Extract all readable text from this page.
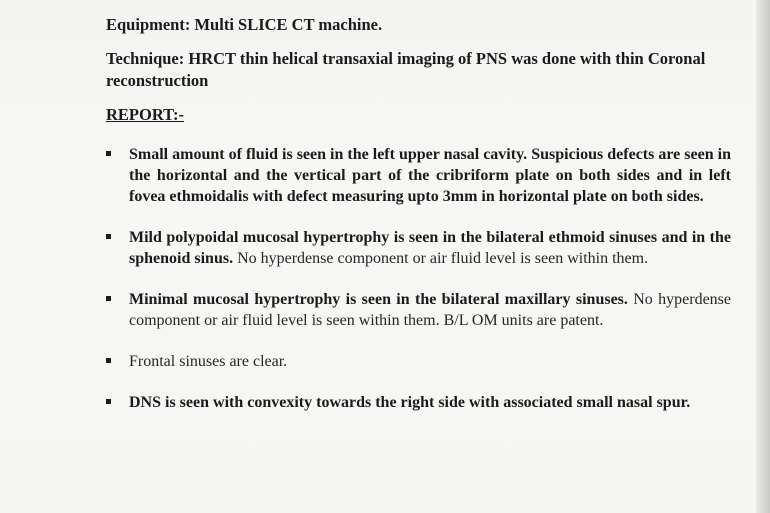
Equipment: Multi SLICE CT machine.
Technique: HRCT thin helical transaxial imaging of PNS was done with thin Coronal reconstruction
REPORT:-
Small amount of fluid is seen in the left upper nasal cavity. Suspicious defects are seen in the horizontal and the vertical part of the cribriform plate on both sides and in left fovea ethmoidalis with defect measuring upto 3mm in horizontal plate on both sides.
Mild polypoidal mucosal hypertrophy is seen in the bilateral ethmoid sinuses and in the sphenoid sinus. No hyperdense component or air fluid level is seen within them.
Minimal mucosal hypertrophy is seen in the bilateral maxillary sinuses. No hyperdense component or air fluid level is seen within them. B/L OM units are patent.
Frontal sinuses are clear.
DNS is seen with convexity towards the right side with associated small nasal spur.
